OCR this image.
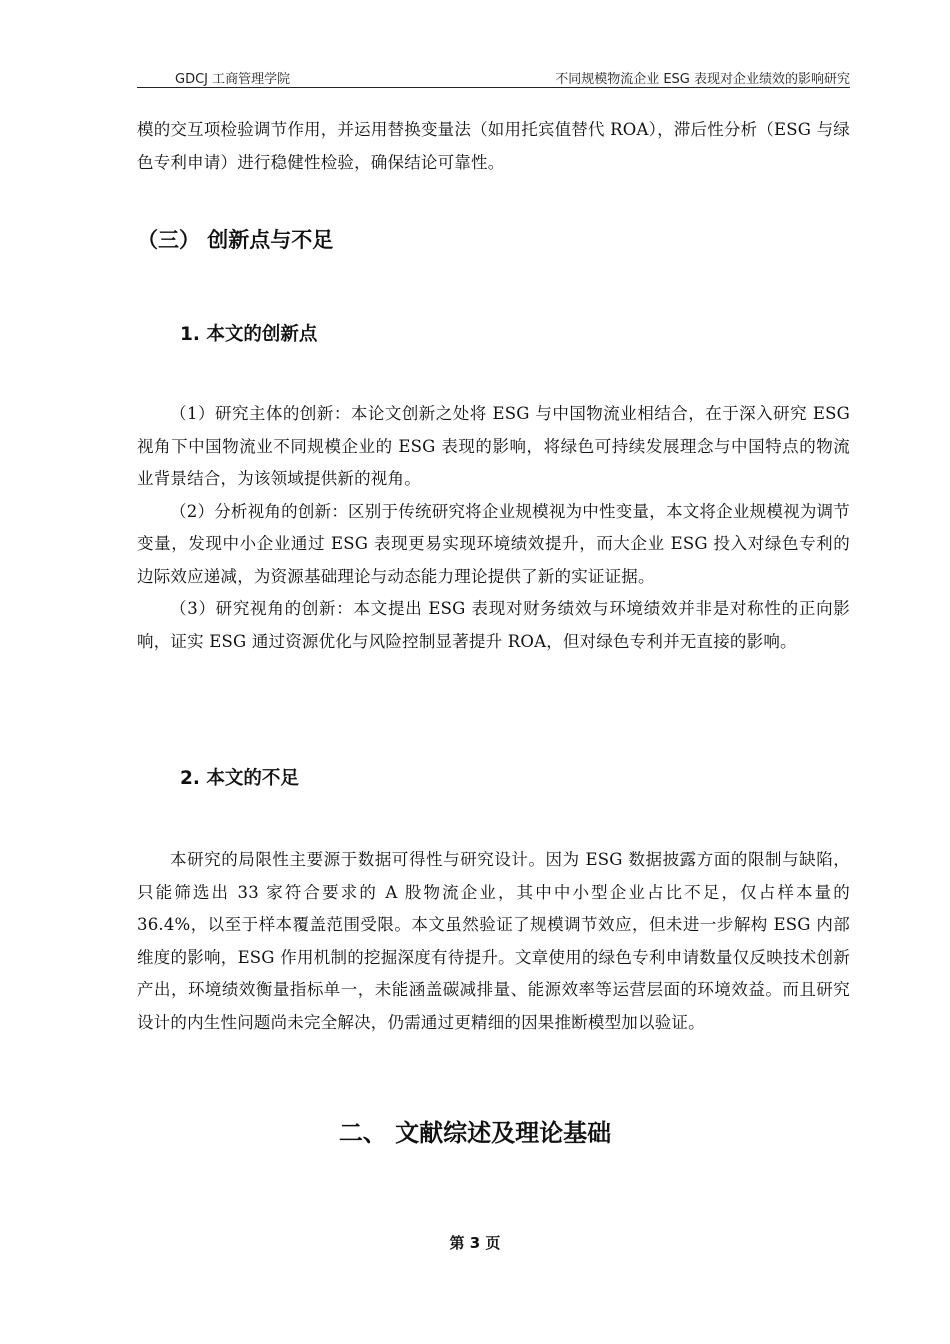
GDCJ 工商管理学院	不同规模物流企业 ESG 表现对企业绩效的影响研究

模的交互项检验调节作用，并运用替换变量法（如用托宾值替代 ROA），滞后性分析（ESG 与绿色专利申请）进行稳健性检验，确保结论可靠性。

（三） 创新点与不足
1. 本文的创新点

（1）研究主体的创新：本论文创新之处将 ESG 与中国物流业相结合，在于深入研究 ESG 视角下中国物流业不同规模企业的 ESG 表现的影响，将绿色可持续发展理念与中国特点的物流业背景结合，为该领域提供新的视角。

（2）分析视角的创新：区别于传统研究将企业规模视为中性变量，本文将企业规模视为调节变量，发现中小企业通过 ESG 表现更易实现环境绩效提升，而大企业 ESG 投入对绿色专利的边际效应递减，为资源基础理论与动态能力理论提供了新的实证证据。

（3）研究视角的创新：本文提出 ESG 表现对财务绩效与环境绩效并非是对称性的正向影响，证实 ESG 通过资源优化与风险控制显著提升 ROA，但对绿色专利并无直接的影响。

2. 本文的不足

本研究的局限性主要源于数据可得性与研究设计。因为 ESG 数据披露方面的限制与缺陷，只能筛选出 33 家符合要求的 A 股物流企业，其中中小型企业占比不足，仅占样本量的 36.4%，以至于样本覆盖范围受限。本文虽然验证了规模调节效应，但未进一步解构 ESG 内部维度的影响，ESG 作用机制的挖掘深度有待提升。文章使用的绿色专利申请数量仅反映技术创新产出，环境绩效衡量指标单一，未能涵盖碳减排量、能源效率等运营层面的环境效益。而且研究设计的内生性问题尚未完全解决，仍需通过更精细的因果推断模型加以验证。

二、 文献综述及理论基础
第 3 页
